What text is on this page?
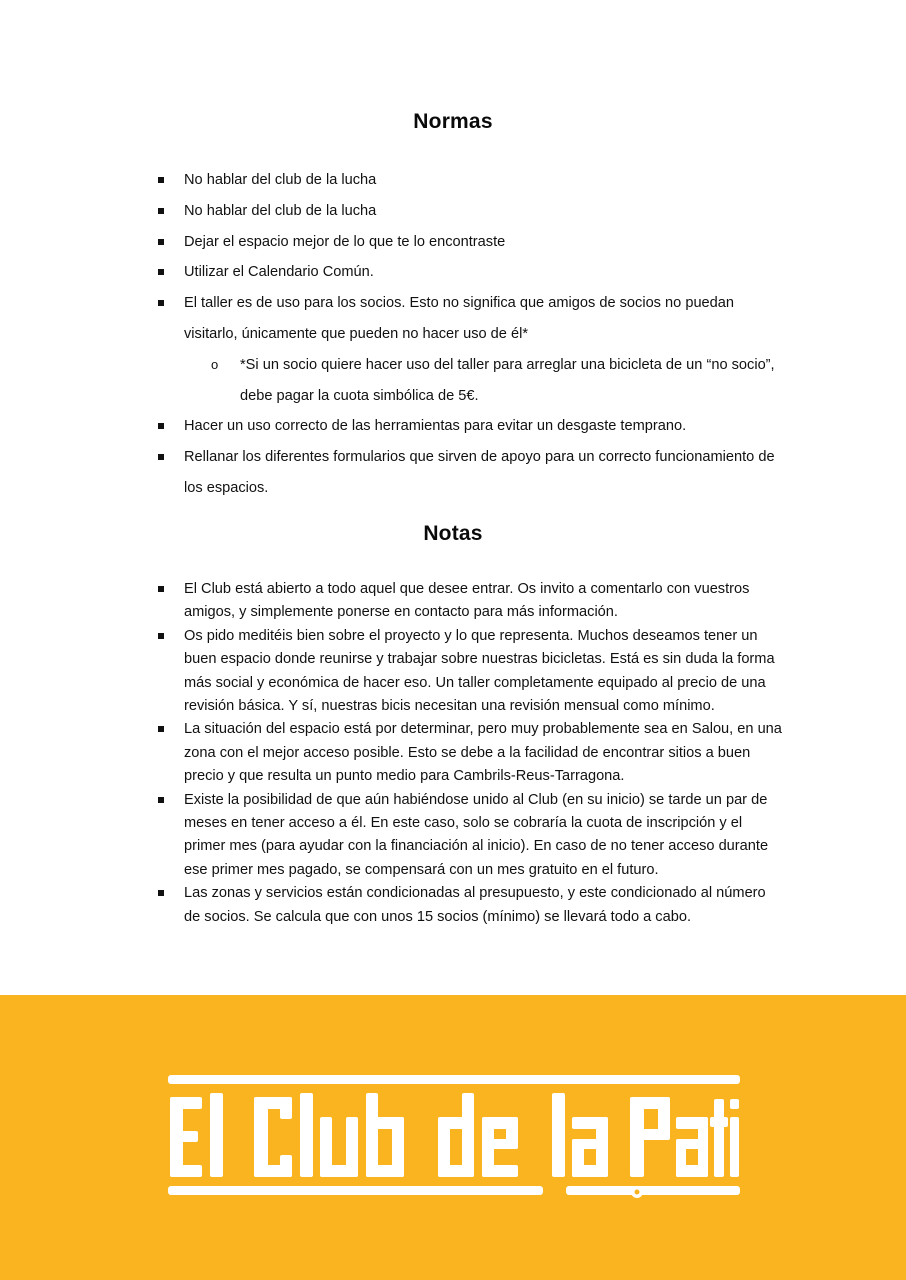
Normas
No hablar del club de la lucha
No hablar del club de la lucha
Dejar el espacio mejor de lo que te lo encontraste
Utilizar el Calendario Común.
El taller es de uso para los socios. Esto no significa que amigos de socios no puedan visitarlo, únicamente que pueden no hacer uso de él*
o *Si un socio quiere hacer uso del taller para arreglar una bicicleta de un “no socio”, debe pagar la cuota simbólica de 5€.
Hacer un uso correcto de las herramientas para evitar un desgaste temprano.
Rellanar los diferentes formularios que sirven de apoyo para un correcto funcionamiento de los espacios.
Notas
El Club está abierto a todo aquel que desee entrar. Os invito a comentarlo con vuestros amigos, y simplemente ponerse en contacto para más información.
Os pido meditéis bien sobre el proyecto y lo que representa. Muchos deseamos tener un buen espacio donde reunirse y trabajar sobre nuestras bicicletas. Está es sin duda la forma más social y económica de hacer eso. Un taller completamente equipado al precio de una revisión básica. Y sí, nuestras bicis necesitan una revisión mensual como mínimo.
La situación del espacio está por determinar, pero muy probablemente sea en Salou, en una zona con el mejor acceso posible. Esto se debe a la facilidad de encontrar sitios a buen precio y que resulta un punto medio para Cambrils-Reus-Tarragona.
Existe la posibilidad de que aún habiéndose unido al Club (en su inicio) se tarde un par de meses en tener acceso a él. En este caso, solo se cobraría la cuota de inscripción y el primer mes (para ayudar con la financiación al inicio). En caso de no tener acceso durante ese primer mes pagado, se compensará con un mes gratuito en el futuro.
Las zonas y servicios están condicionadas al presupuesto, y este condicionado al número de socios. Se calcula que con unos 15 socios (mínimo) se llevará todo a cabo.
